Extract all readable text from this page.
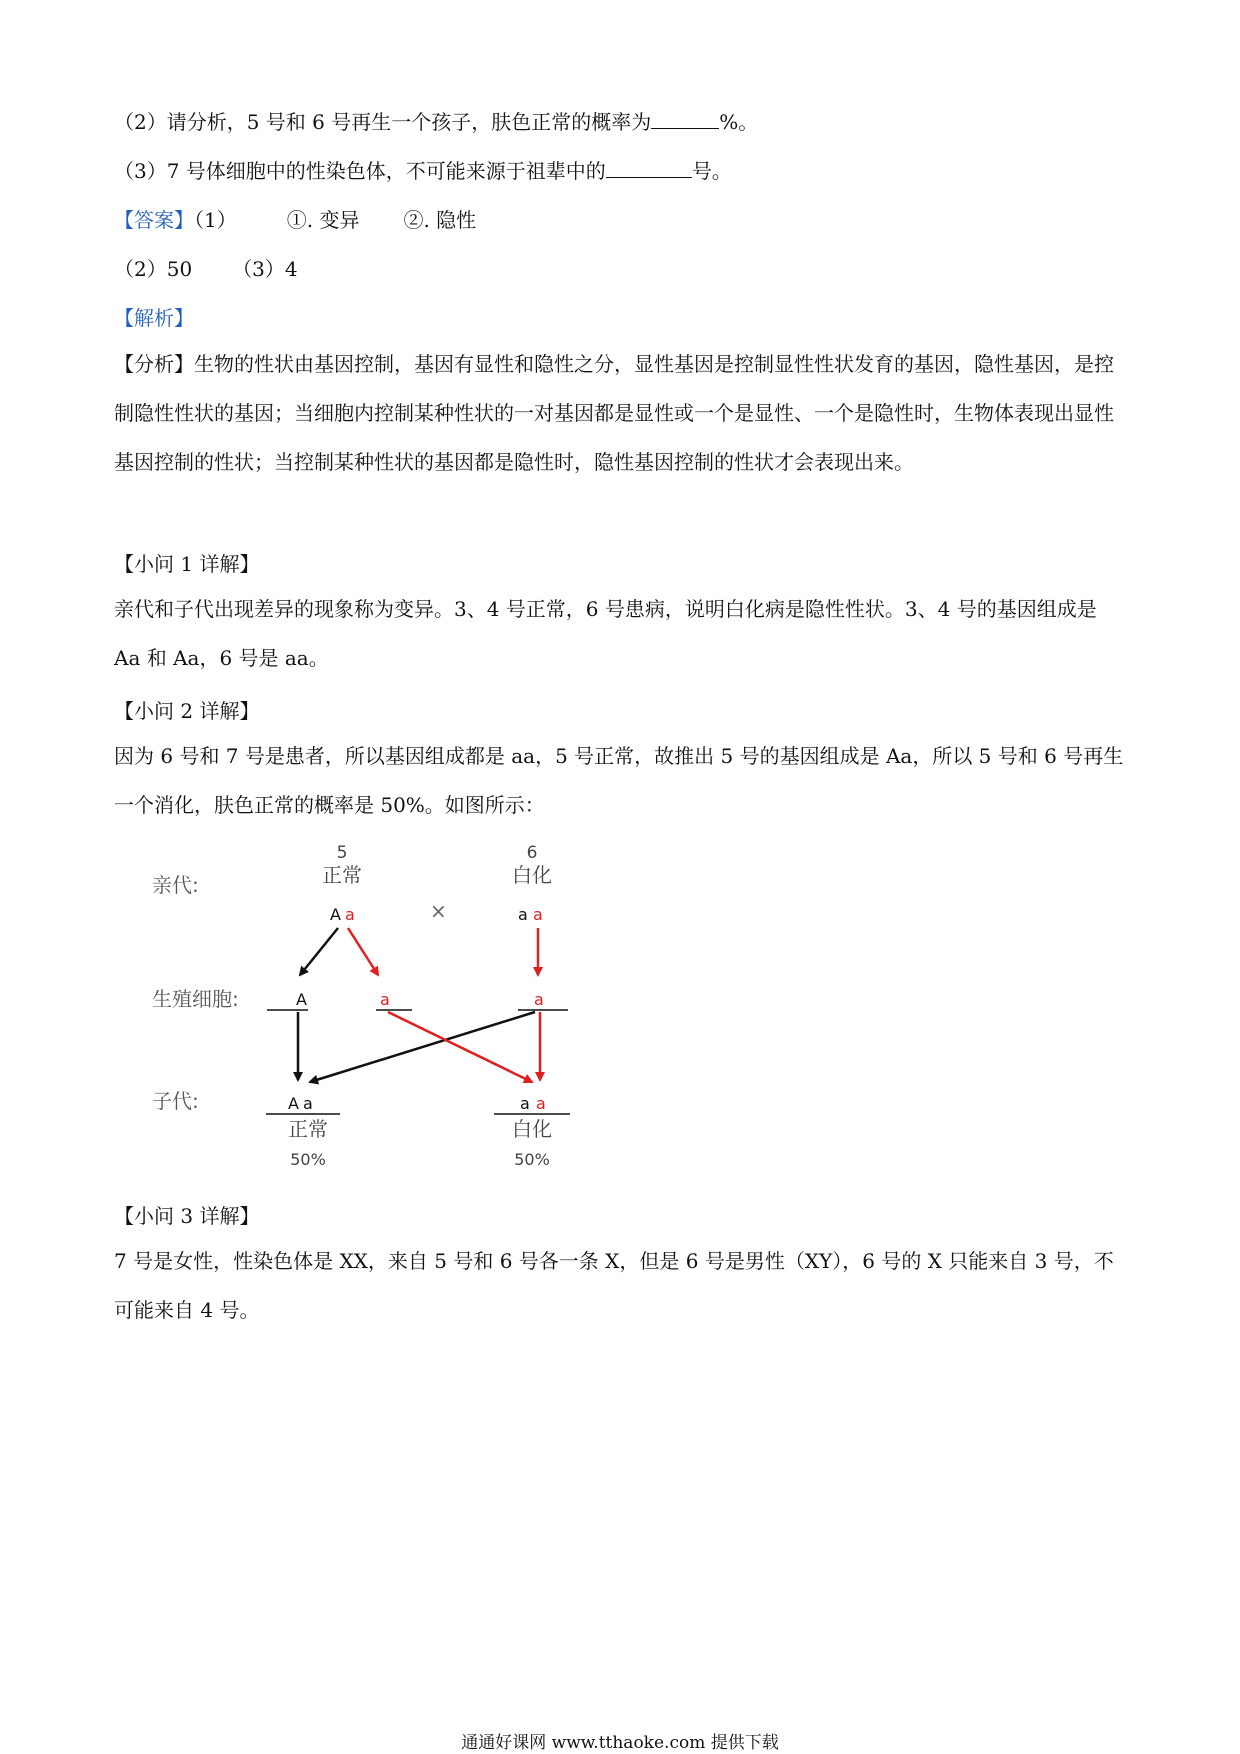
（2）请分析，5 号和 6 号再生一个孩子，肤色正常的概率为	%。
（3）7 号体细胞中的性染色体，不可能来源于祖辈中的	号。
【答案】（1）	①. 变异 ②. 隐性
（2）50 （3）4
【解析】
【分析】生物的性状由基因控制，基因有显性和隐性之分，显性基因是控制显性性状发育的基因，隐性基因，是控制隐性性状的基因；当细胞内控制某种性状的一对基因都是显性或一个是显性、一个是隐性时，生物体表现出显性基因控制的性状；当控制某种性状的基因都是隐性时，隐性基因控制的性状才会表现出来。
【小问 1 详解】
亲代和子代出现差异的现象称为变异。3、4 号正常，6 号患病，说明白化病是隐性性状。3、4 号的基因组成是 Aa 和 Aa，6 号是 aa。
【小问 2 详解】
因为 6 号和 7 号是患者，所以基因组成都是 aa，5 号正常，故推出 5 号的基因组成是 Aa，所以 5 号和 6 号再生一个消化，肤色正常的概率是 50%。如图所示：
亲代:
生殖细胞:
子代:
5
正常
6
白化
A a	×	a a
A	a	a
A a	a a
正常	白化
50%	50%
【小问 3 详解】
7 号是女性，性染色体是 XX，来自 5 号和 6 号各一条 X，但是 6 号是男性（XY），6 号的 X 只能来自 3 号，不可能来自 4 号。
通通好课网 www.tthaoke.com 提供下载
